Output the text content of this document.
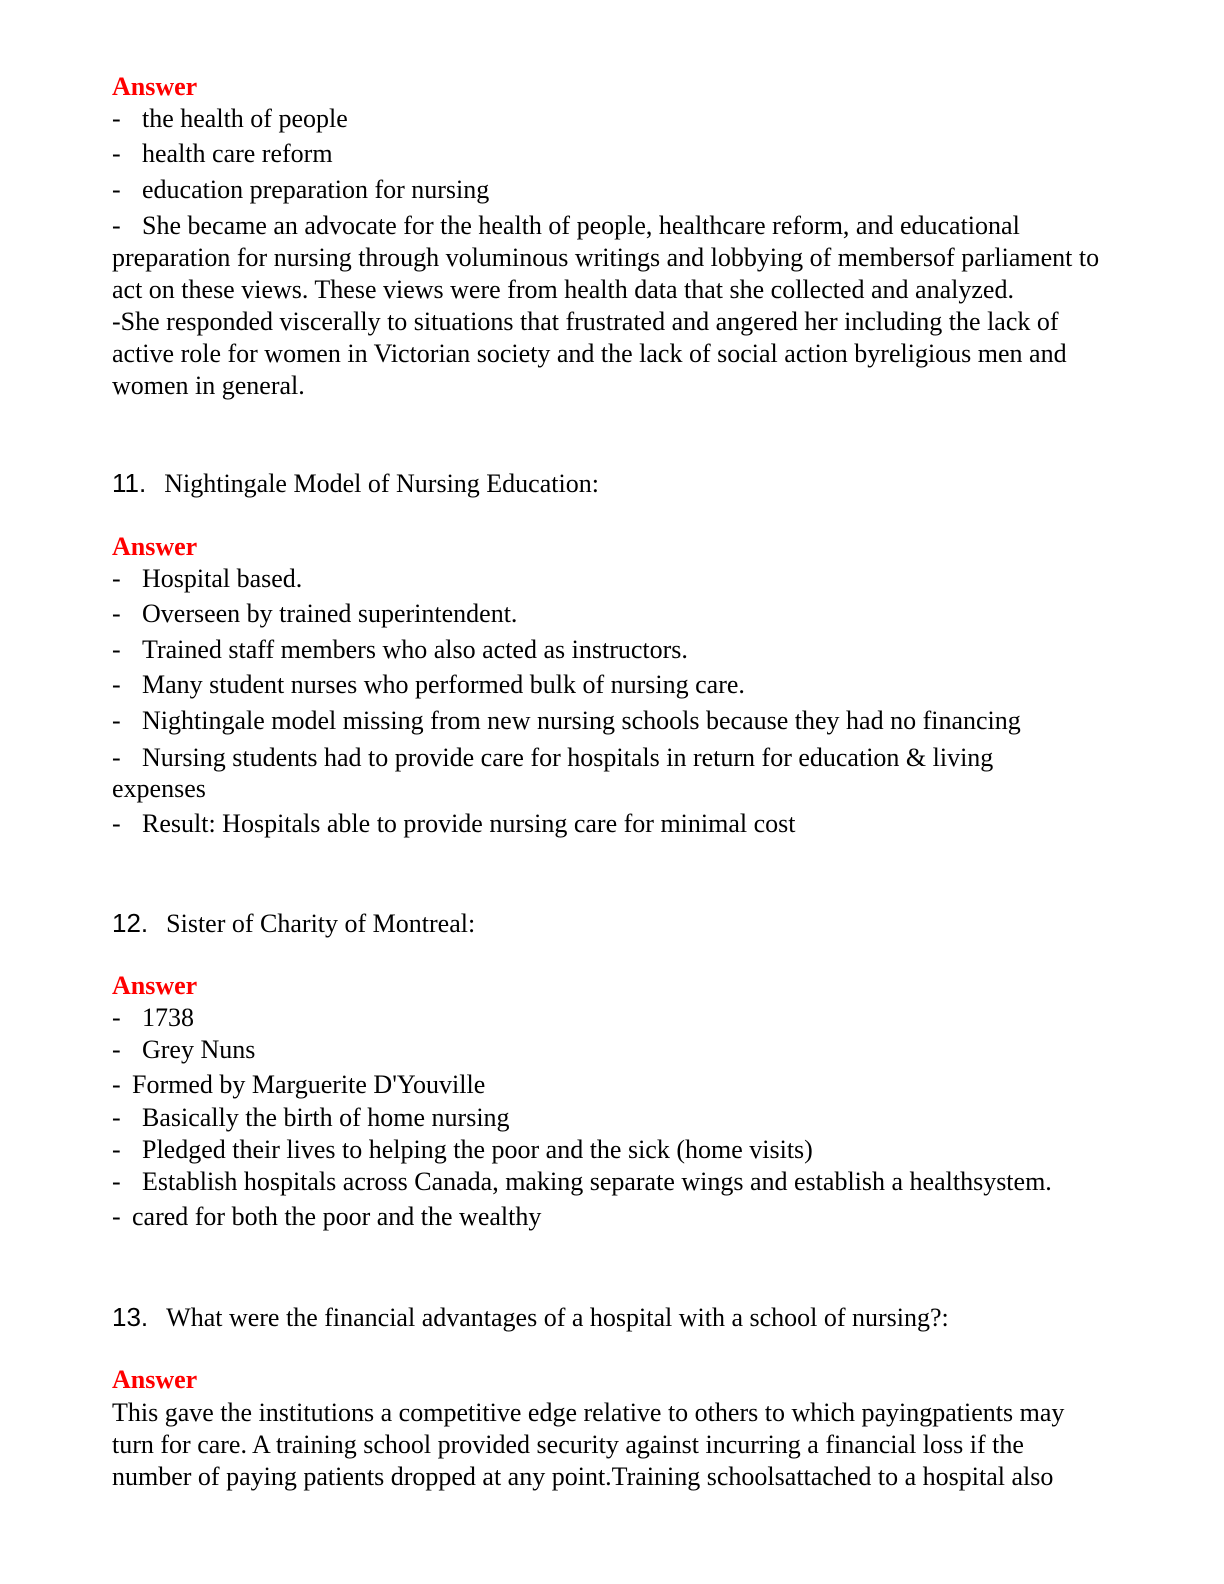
Answer
- the health of people
- health care reform
- education preparation for nursing
- She became an advocate for the health of people, healthcare reform, and educational preparation for nursing through voluminous writings and lobbying of membersof parliament to act on these views. These views were from health data that she collected and analyzed.
-She responded viscerally to situations that frustrated and angered her including the lack of active role for women in Victorian society and the lack of social action byreligious men and women in general.
11. Nightingale Model of Nursing Education:
Answer
- Hospital based.
- Overseen by trained superintendent.
- Trained staff members who also acted as instructors.
- Many student nurses who performed bulk of nursing care.
- Nightingale model missing from new nursing schools because they had no financing
- Nursing students had to provide care for hospitals in return for education & living
expenses
- Result: Hospitals able to provide nursing care for minimal cost
12. Sister of Charity of Montreal:
Answer
- 1738
- Grey Nuns
- Formed by Marguerite D'Youville
- Basically the birth of home nursing
- Pledged their lives to helping the poor and the sick (home visits)
- Establish hospitals across Canada, making separate wings and establish a healthsystem.
- cared for both the poor and the wealthy
13. What were the financial advantages of a hospital with a school of nursing?:
Answer
This gave the institutions a competitive edge relative to others to which payingpatients may
turn for care. A training school provided security against incurring a financial loss if the
number of paying patients dropped at any point.Training schoolsattached to a hospital also
